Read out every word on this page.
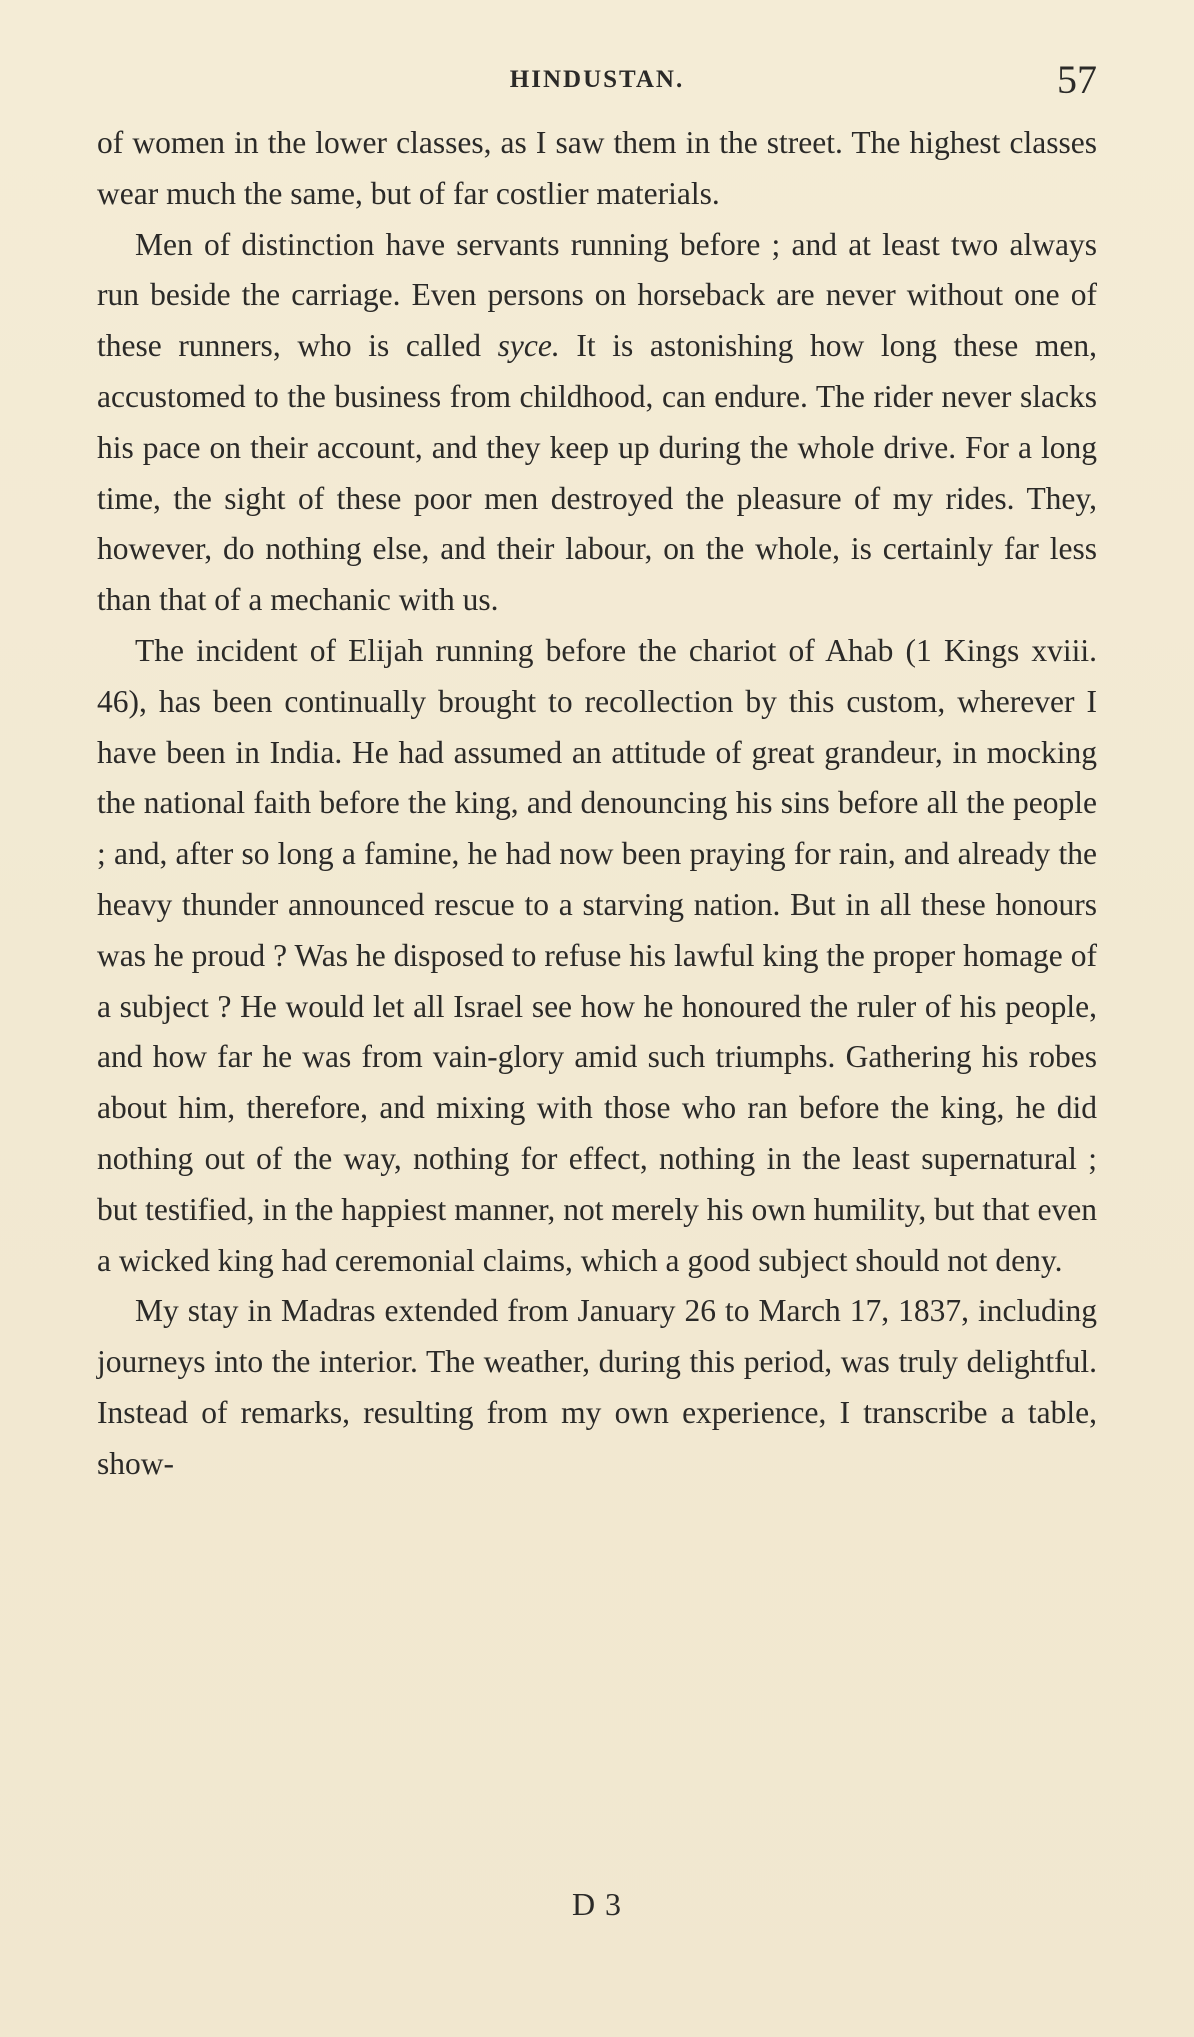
HINDUSTAN.	57

of women in the lower classes, as I saw them in the street. The highest classes wear much the same, but of far costlier materials.

Men of distinction have servants running before ; and at least two always run beside the carriage. Even persons on horseback are never without one of these runners, who is called syce. It is astonishing how long these men, accustomed to the business from childhood, can endure. The rider never slacks his pace on their account, and they keep up during the whole drive. For a long time, the sight of these poor men destroyed the pleasure of my rides. They, however, do nothing else, and their labour, on the whole, is certainly far less than that of a mechanic with us.

The incident of Elijah running before the chariot of Ahab (1 Kings xviii. 46), has been continually brought to recollection by this custom, wherever I have been in India. He had assumed an attitude of great grandeur, in mocking the national faith before the king, and denouncing his sins before all the people ; and, after so long a famine, he had now been praying for rain, and already the heavy thunder announced rescue to a starving nation. But in all these honours was he proud ? Was he disposed to refuse his lawful king the proper homage of a subject ? He would let all Israel see how he honoured the ruler of his people, and how far he was from vain-glory amid such triumphs. Gathering his robes about him, therefore, and mixing with those who ran before the king, he did nothing out of the way, nothing for effect, nothing in the least supernatural ; but testified, in the happiest manner, not merely his own humility, but that even a wicked king had ceremonial claims, which a good subject should not deny.

My stay in Madras extended from January 26 to March 17, 1837, including journeys into the interior. The weather, during this period, was truly delightful. Instead of remarks, resulting from my own experience, I transcribe a table, show-

D 3
